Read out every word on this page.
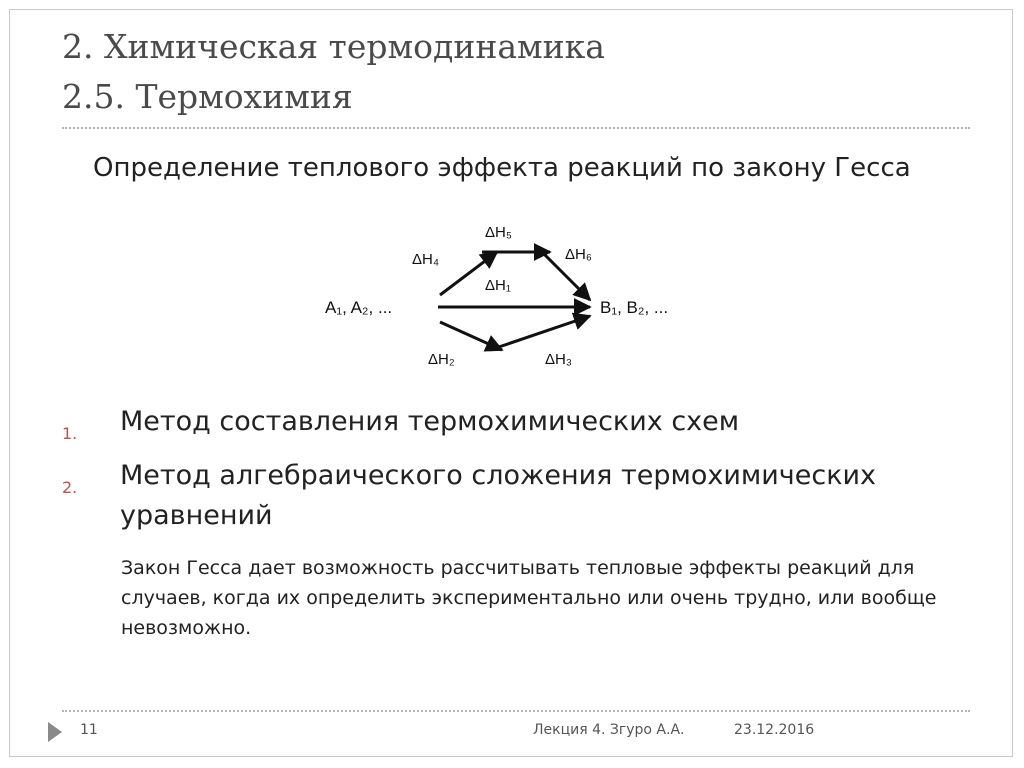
2. Химическая термодинамика
2.5. Термохимия
Определение теплового эффекта реакций по закону Гесса
A₁, A₂, ...	B₁, B₂, ...
ΔH₅
ΔH₄	ΔH₆
ΔH₁
ΔH₂	ΔH₃
1. Метод составления термохимических схем
2. Метод алгебраического сложения термохимических уравнений
Закон Гесса дает возможность рассчитывать тепловые эффекты реакций для случаев, когда их определить экспериментально или очень трудно, или вообще невозможно.
11	Лекция 4. Згуро А.А.	23.12.2016
